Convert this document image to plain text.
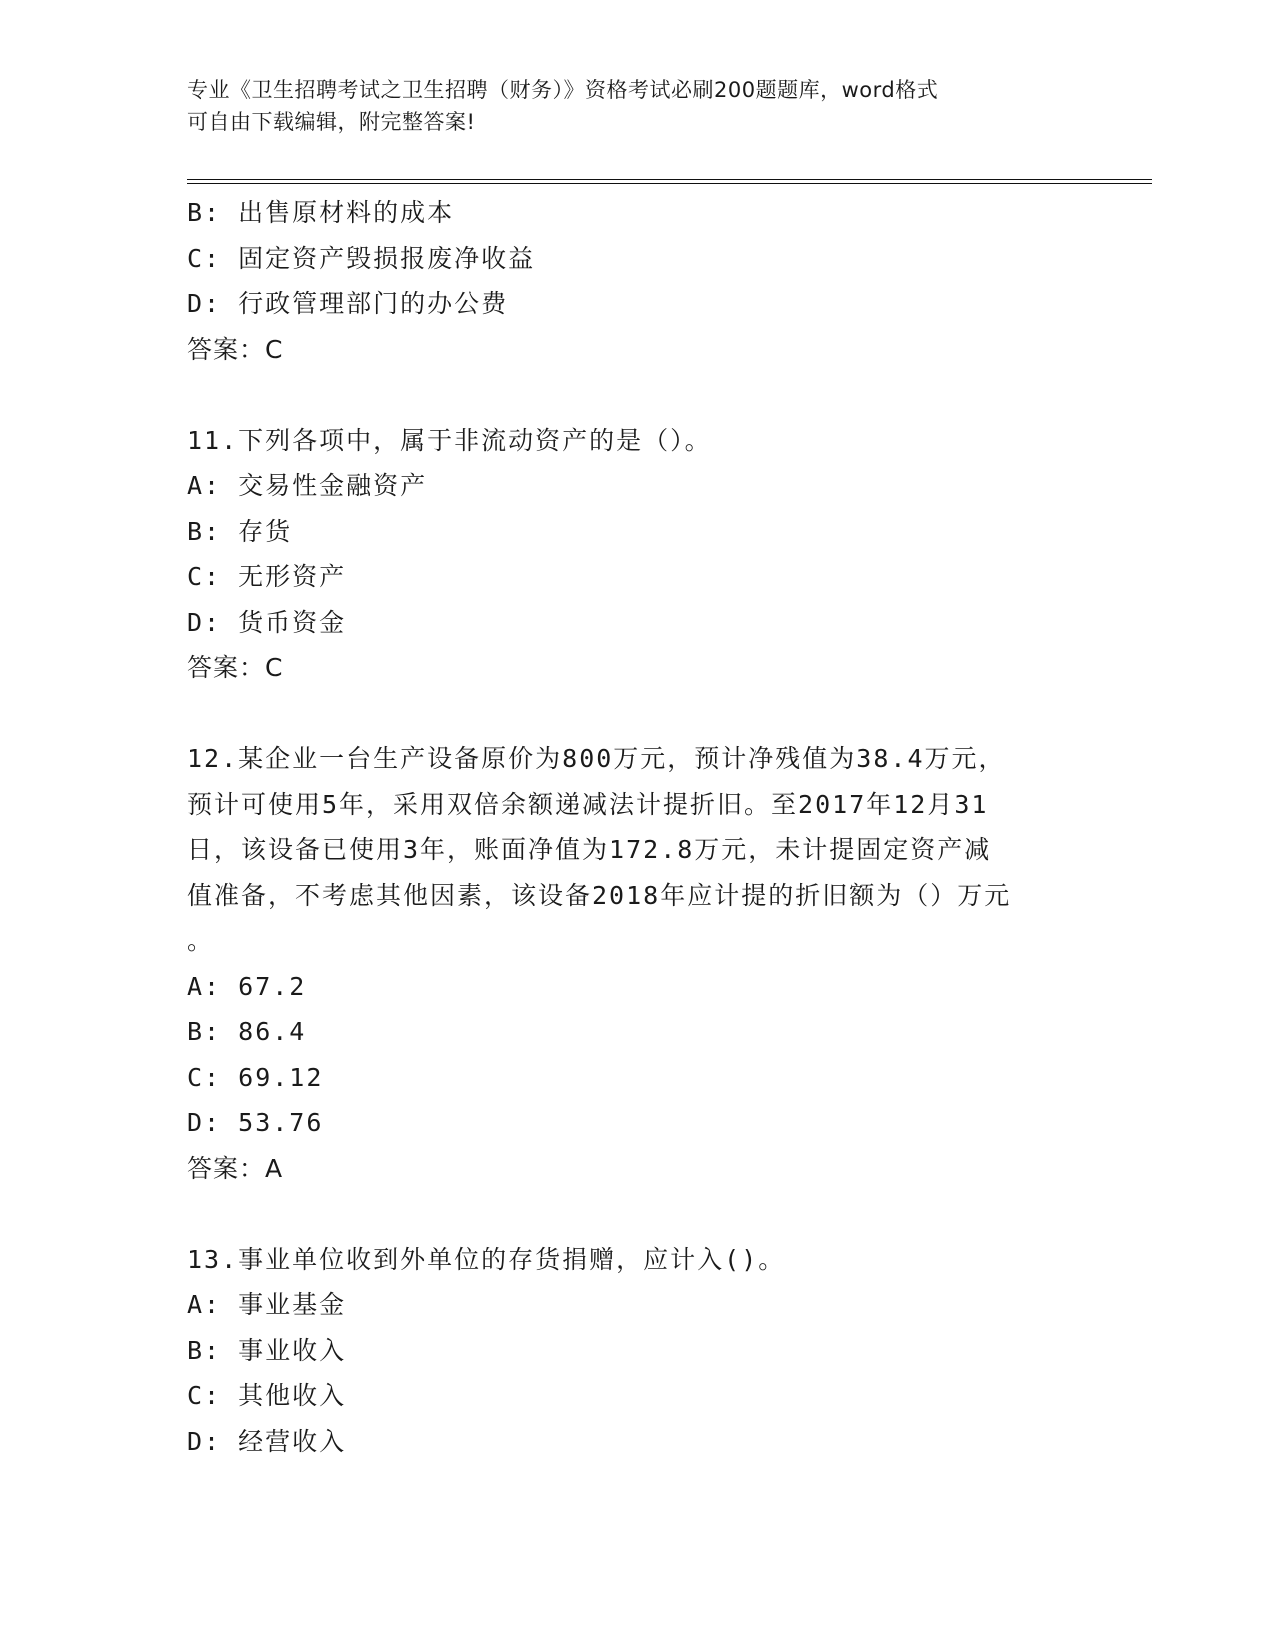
专业《卫生招聘考试之卫生招聘（财务）》资格考试必刷200题题库，word格式
可自由下载编辑，附完整答案!
B: 出售原材料的成本
C: 固定资产毁损报废净收益
D: 行政管理部门的办公费
答案：C
11.下列各项中，属于非流动资产的是（）。
A: 交易性金融资产
B: 存货
C: 无形资产
D: 货币资金
答案：C
12.某企业一台生产设备原价为800万元，预计净残值为38.4万元，
预计可使用5年，采用双倍余额递减法计提折旧。至2017年12月31
日，该设备已使用3年，账面净值为172.8万元，未计提固定资产减
值准备，不考虑其他因素，该设备2018年应计提的折旧额为（）万元
。
A: 67.2
B: 86.4
C: 69.12
D: 53.76
答案：A
13.事业单位收到外单位的存货捐赠，应计入()。
A: 事业基金
B: 事业收入
C: 其他收入
D: 经营收入
